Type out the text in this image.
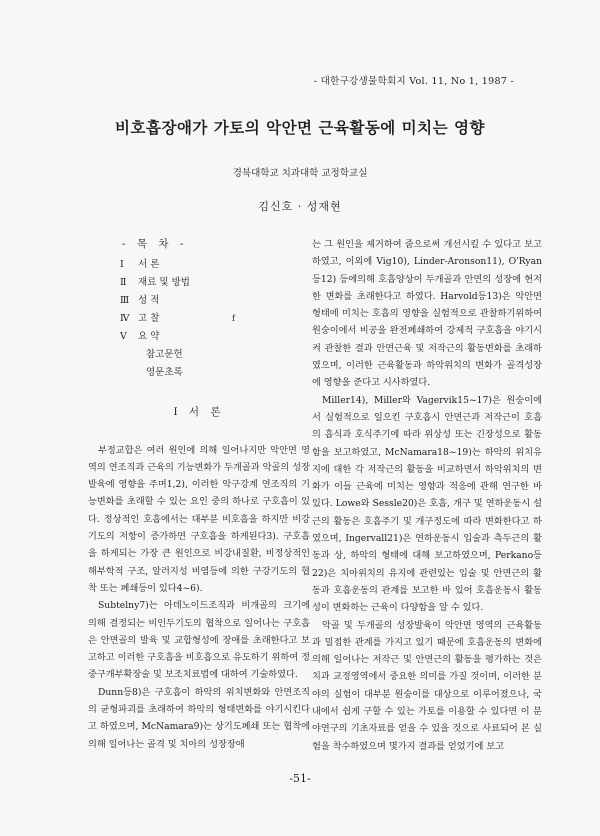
- 대한구강생물학회지 Vol. 11, No 1, 1987 -
비호흡장애가 가토의 악안면 근육활동에 미치는 영향
경북대학교 치과대학 교정학교실
김신호 · 성재현
- 목 차 -
Ⅰ	서 론
Ⅱ	재료 및 방법
Ⅲ 성 적
Ⅳ 고 찰
Ⅴ	요 약
참고문헌
영문초록
Ⅰ 서 론

부정교합은 여러 원인에 의해 일어나지만 악안면 영역의 연조직과 근육의 기능변화가 두개골과 악골의 성장발육에 영향을 주며1,2), 이러한 악구강계 연조직의 기능변화를 초래할 수 있는 요인 중의 하나로 구호흡이 있다. 정상적인 호흡에서는 대부분 비호흡을 하지만 비강기도의 저항이 증가하면 구호흡을 하게된다3). 구호흡을 하게되는 가장 큰 원인으로 비강내질환, 비정상적인 해부학적 구조, 알러지성 비염등에 의한 구강기도의 협착 또는 폐쇄등이 있다4~6).

Subtelny7)는 아데노이드조직과 비개골의 크기에 의해 결정되는 비인두기도의 협착으로 일어나는 구호흡은 안면골의 발육 및 교합형성에 장애를 초래한다고 보고하고 이러한 구호흡을 비호흡으로 유도하기 위하여 정중구개부확장술 및 보조치료법에 대하여 기술하였다.

Dunn등8)은 구호흡이 하악의 위치변화와 안면조직의 균형파괴를 초래하여 하악의 형태변화를 야기시킨다고 하였으며, McNamara9)는 상기도폐쇄 또는 협착에의해 일어나는 골격 및 치아의 성장장애

f

는 그 원인을 제거하여 줌으로써 개선시킬 수 있다고 보고하였고, 이외에 Vig10), Linder-Aronson11), O'Ryan등12) 등에의해 호흡양상이 두개골과 안면의 성장에 현저한 변화를 초래한다고 하였다. Harvold등13)은 악안면 형태에 미치는 호흡의 영향을 실험적으로 관찰하기위하여 원숭이에서 비공을 완전폐쇄하여 강제적 구호흡을 야기시켜 관찰한 결과 안면근육 및 저작근의 활동변화를 초래하였으며, 이러한 근육활동과 하악위치의 변화가 골격성장에 영향을 준다고 시사하였다.

Miller14), Miller와 Vagervik15~17)은 원숭이에서 실험적으로 일으킨 구호흡시 안면근과 저작근이 호흡의 흡식과 호식주기에 따라 위상성 또는 긴장성으로 활동함을 보고하였고, McNamara18~19)는 하악의 위치유지에 대한 각 저작근의 활동을 비교하면서 하악위치의 변화가 이들 근육에 미치는 영향과 적응에 관해 연구한 바 있다. Lowe와 Sessle20)은 호흡, 개구 및 연하운동시 설근의 활동은 호흡주기 및 개구정도에 따라 변화한다고 하였으며, Ingervall21)은 연하운동시 입술과 측두근의 활동과 상, 하악의 형태에 대해 보고하였으며, Perkano등22)은 치아위치의 유지에 관련있는 입술 및 안면근의 활동과 호흡운동의 관계를 보고한 바 있어 호흡운동시 활동성이 변화하는 근육이 다양함을 알 수 있다.

악골 및 두개골의 성장발육이 악안면 영역의 근육활동과 밀접한 관계를 가지고 있기 때문에 호흡운동의 변화에 의해 일어나는 저작근 및 안면근의 활동을 평가하는 것은 치과 교정영역에서 중요한 의미를 가질 것이며, 이러한 분야의 실험이 대부분 원숭이를 대상으로 이루어졌으나, 국내에서 쉽게 구할 수 있는 가토를 이용할 수 있다면 이 분야연구의 기초자료를 얻을 수 있을 것으로 사료되어 본 실험을 착수하였으며 몇가지 결과를 얻었기에 보고

-51-
